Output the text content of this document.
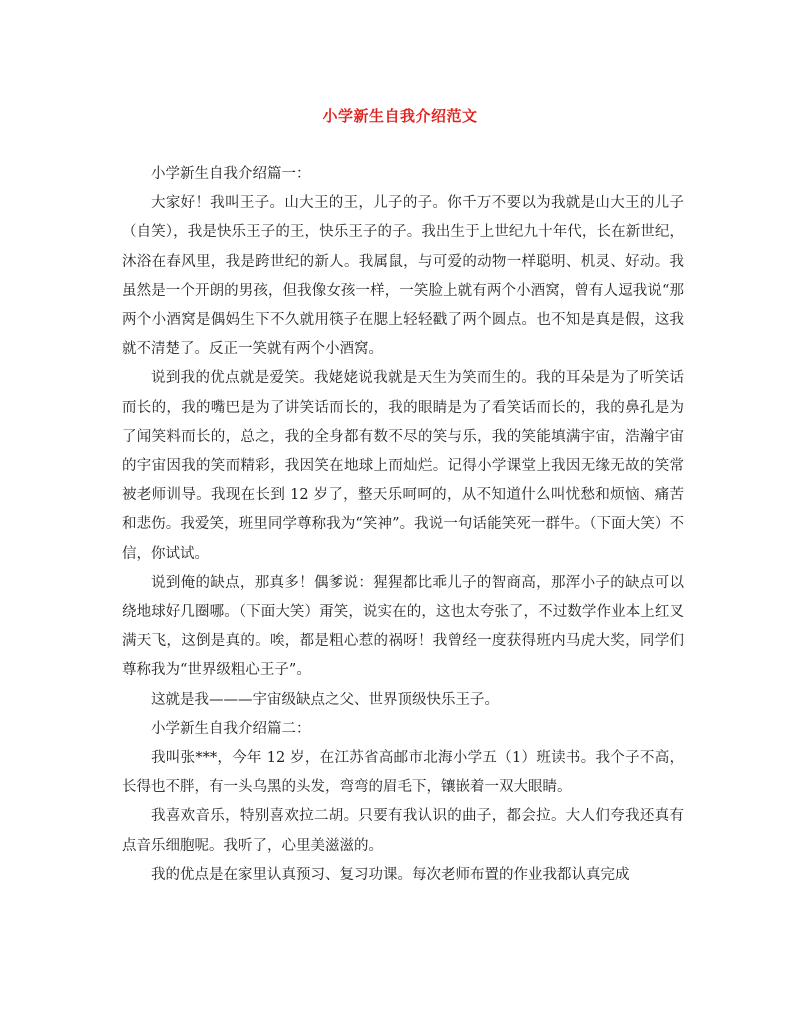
小学新生自我介绍范文

小学新生自我介绍篇一：

大家好！我叫王子。山大王的王，儿子的子。你千万不要以为我就是山大王的儿子（自笑），我是快乐王子的王，快乐王子的子。我出生于上世纪九十年代，长在新世纪，沐浴在春风里，我是跨世纪的新人。我属鼠，与可爱的动物一样聪明、机灵、好动。我虽然是一个开朗的男孩，但我像女孩一样，一笑脸上就有两个小酒窝，曾有人逗我说“那两个小酒窝是偶妈生下不久就用筷子在腮上轻轻戳了两个圆点。也不知是真是假，这我就不清楚了。反正一笑就有两个小酒窝。

说到我的优点就是爱笑。我姥姥说我就是天生为笑而生的。我的耳朵是为了听笑话而长的，我的嘴巴是为了讲笑话而长的，我的眼睛是为了看笑话而长的，我的鼻孔是为了闻笑料而长的，总之，我的全身都有数不尽的笑与乐，我的笑能填满宇宙，浩瀚宇宙的宇宙因我的笑而精彩，我因笑在地球上而灿烂。记得小学课堂上我因无缘无故的笑常被老师训导。我现在长到 12 岁了，整天乐呵呵的，从不知道什么叫忧愁和烦恼、痛苦和悲伤。我爱笑，班里同学尊称我为“笑神”。我说一句话能笑死一群牛。（下面大笑）不信，你试试。

说到俺的缺点，那真多！偶爹说：猩猩都比乖儿子的智商高，那浑小子的缺点可以绕地球好几圈哪。（下面大笑）甭笑，说实在的，这也太夸张了，不过数学作业本上红叉满天飞，这倒是真的。唉，都是粗心惹的祸呀！我曾经一度获得班内马虎大奖，同学们尊称我为“世界级粗心王子”。

这就是我———宇宙级缺点之父、世界顶级快乐王子。

小学新生自我介绍篇二：

我叫张***，今年 12 岁，在江苏省高邮市北海小学五（1）班读书。我个子不高，长得也不胖，有一头乌黑的头发，弯弯的眉毛下，镶嵌着一双大眼睛。

我喜欢音乐，特别喜欢拉二胡。只要有我认识的曲子，都会拉。大人们夸我还真有点音乐细胞呢。我听了，心里美滋滋的。

我的优点是在家里认真预习、复习功课。每次老师布置的作业我都认真完成
